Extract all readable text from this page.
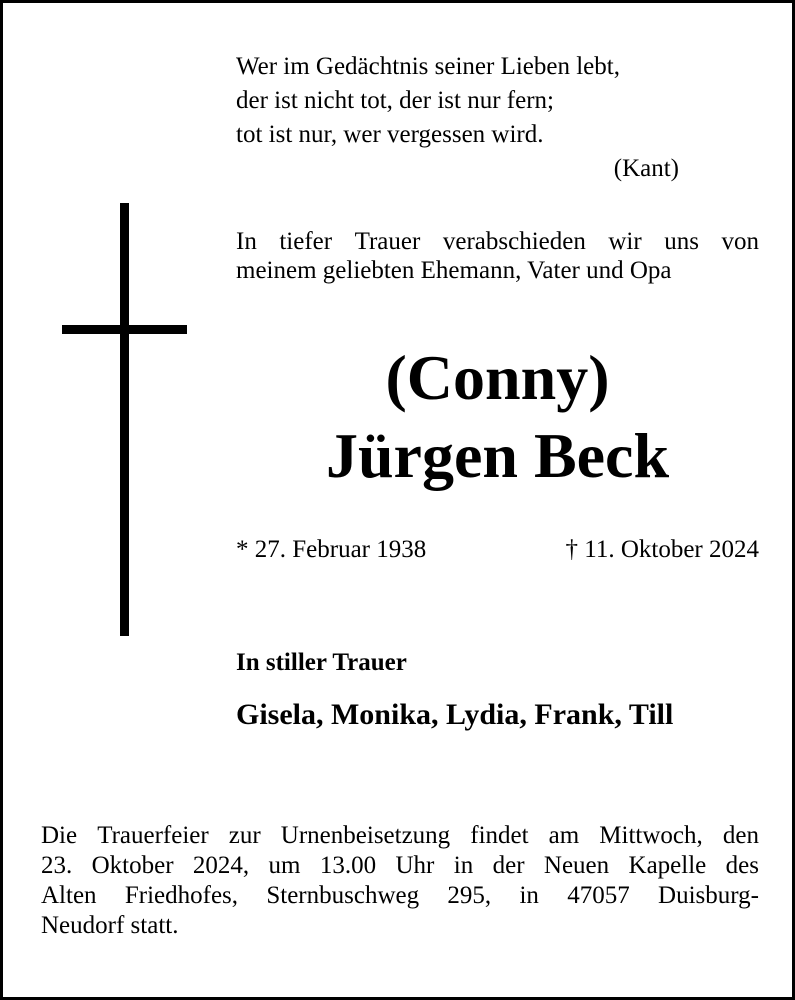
Wer im Gedächtnis seiner Lieben lebt,
der ist nicht tot, der ist nur fern;
tot ist nur, wer vergessen wird.
(Kant)
In tiefer Trauer verabschieden wir uns von
meinem geliebten Ehemann, Vater und Opa
(Conny)
Jürgen Beck
* 27. Februar 1938	† 11. Oktober 2024
In stiller Trauer
Gisela, Monika, Lydia, Frank, Till
Die Trauerfeier zur Urnenbeisetzung findet am Mittwoch, den
23. Oktober 2024, um 13.00 Uhr in der Neuen Kapelle des
Alten Friedhofes, Sternbuschweg 295, in 47057 Duisburg-
Neudorf statt.
